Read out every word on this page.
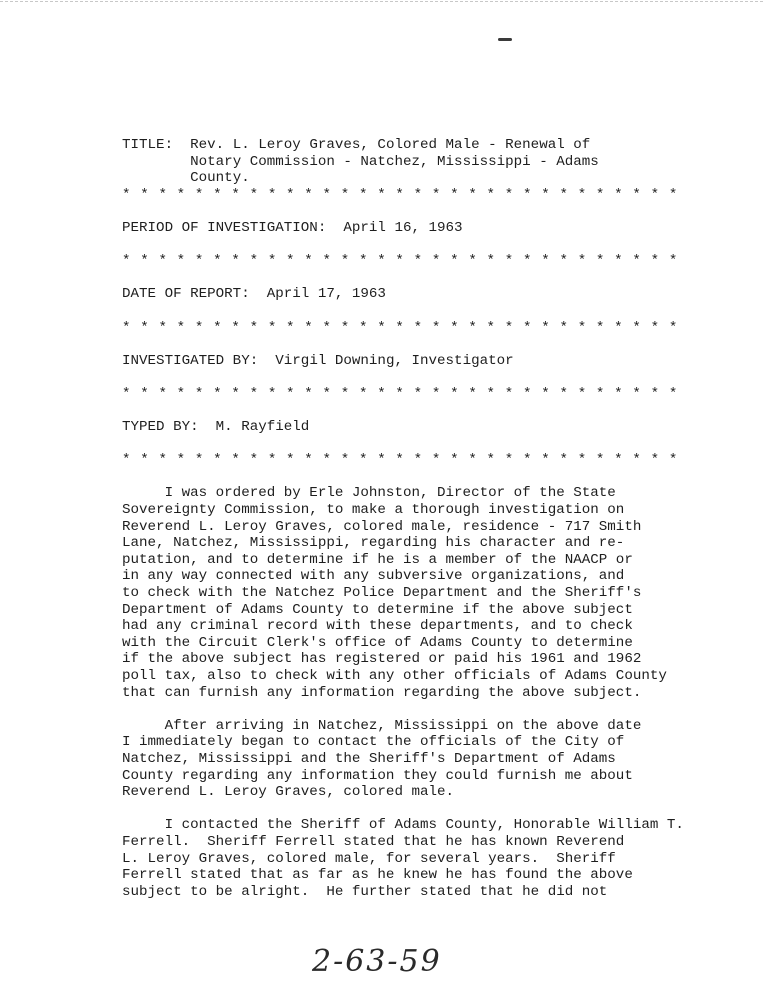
TITLE: Rev. L. Leroy Graves, Colored Male - Renewal of
Notary Commission - Natchez, Mississippi - Adams
County.
* * * * * * * * * * * * * * * * * * * * * * * * * * * * * * *
PERIOD OF INVESTIGATION: April 16, 1963
* * * * * * * * * * * * * * * * * * * * * * * * * * * * * * *
DATE OF REPORT: April 17, 1963
* * * * * * * * * * * * * * * * * * * * * * * * * * * * * * *
INVESTIGATED BY: Virgil Downing, Investigator
* * * * * * * * * * * * * * * * * * * * * * * * * * * * * * *
TYPED BY: M. Rayfield
* * * * * * * * * * * * * * * * * * * * * * * * * * * * * * *
I was ordered by Erle Johnston, Director of the State
Sovereignty Commission, to make a thorough investigation on
Reverend L. Leroy Graves, colored male, residence - 717 Smith
Lane, Natchez, Mississippi, regarding his character and re-
putation, and to determine if he is a member of the NAACP or
in any way connected with any subversive organizations, and
to check with the Natchez Police Department and the Sheriff's
Department of Adams County to determine if the above subject
had any criminal record with these departments, and to check
with the Circuit Clerk's office of Adams County to determine
if the above subject has registered or paid his 1961 and 1962
poll tax, also to check with any other officials of Adams County
that can furnish any information regarding the above subject.
After arriving in Natchez, Mississippi on the above date
I immediately began to contact the officials of the City of
Natchez, Mississippi and the Sheriff's Department of Adams
County regarding any information they could furnish me about
Reverend L. Leroy Graves, colored male.
I contacted the Sheriff of Adams County, Honorable William T.
Ferrell.  Sheriff Ferrell stated that he has known Reverend
L. Leroy Graves, colored male, for several years.  Sheriff
Ferrell stated that as far as he knew he has found the above
subject to be alright.  He further stated that he did not
2-63-59
